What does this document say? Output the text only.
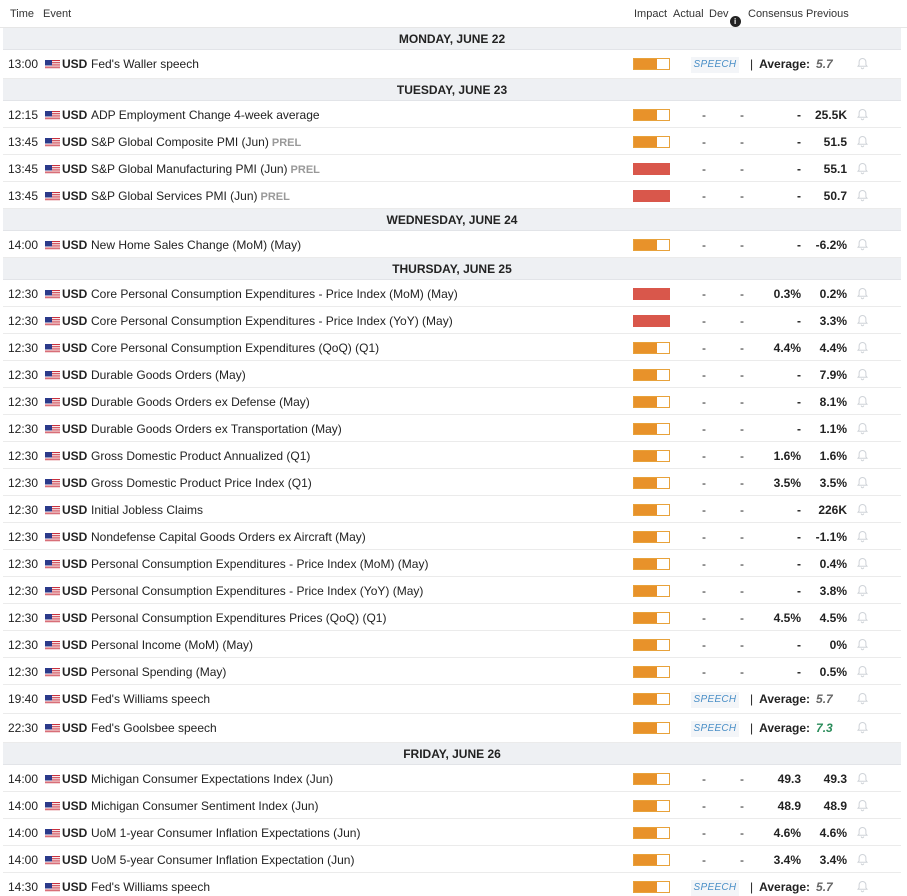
Time Event	Impact Actual Dev
i
Consensus Previous
MONDAY, JUNE 22
13:00 USD Fed's Waller speech	SPEECH | Average: 5.7
TUESDAY, JUNE 23
12:15 USD ADP Employment Change 4-week average	-	-	-	25.5K
13:45 USD S&P Global Composite PMI (Jun) PREL	-	-	-	51.5
13:45 USD S&P Global Manufacturing PMI (Jun) PREL	-	-	-	55.1
13:45 USD S&P Global Services PMI (Jun) PREL	-	-	-	50.7
WEDNESDAY, JUNE 24
14:00 USD New Home Sales Change (MoM) (May)	-	-	-	-6.2%
THURSDAY, JUNE 25
12:30 USD Core Personal Consumption Expenditures - Price Index (MoM) (May)	-	-	0.3%	0.2%
12:30 USD Core Personal Consumption Expenditures - Price Index (YoY) (May)	-	-	-	3.3%
12:30 USD Core Personal Consumption Expenditures (QoQ) (Q1)	-	-	4.4%	4.4%
12:30 USD Durable Goods Orders (May)	-	-	-	7.9%
12:30 USD Durable Goods Orders ex Defense (May)	-	-	-	8.1%
12:30 USD Durable Goods Orders ex Transportation (May)	-	-	-	1.1%
12:30 USD Gross Domestic Product Annualized (Q1)	-	-	1.6%	1.6%
12:30 USD Gross Domestic Product Price Index (Q1)	-	-	3.5%	3.5%
12:30 USD Initial Jobless Claims	-	-	-	226K
12:30 USD Nondefense Capital Goods Orders ex Aircraft (May)	-	-	-	-1.1%
12:30 USD Personal Consumption Expenditures - Price Index (MoM) (May)	-	-	-	0.4%
12:30 USD Personal Consumption Expenditures - Price Index (YoY) (May)	-	-	-	3.8%
12:30 USD Personal Consumption Expenditures Prices (QoQ) (Q1)	-	-	4.5%	4.5%
12:30 USD Personal Income (MoM) (May)	-	-	-	0%
12:30 USD Personal Spending (May)	-	-	-	0.5%
19:40 USD Fed's Williams speech	SPEECH | Average: 5.7
22:30 USD Fed's Goolsbee speech	SPEECH | Average: 7.3
FRIDAY, JUNE 26
14:00 USD Michigan Consumer Expectations Index (Jun)	-	-	49.3	49.3
14:00 USD Michigan Consumer Sentiment Index (Jun)	-	-	48.9	48.9
14:00 USD UoM 1-year Consumer Inflation Expectations (Jun)	-	-	4.6%	4.6%
14:00 USD UoM 5-year Consumer Inflation Expectation (Jun)	-	-	3.4%	3.4%
14:30 USD Fed's Williams speech	SPEECH | Average: 5.7
